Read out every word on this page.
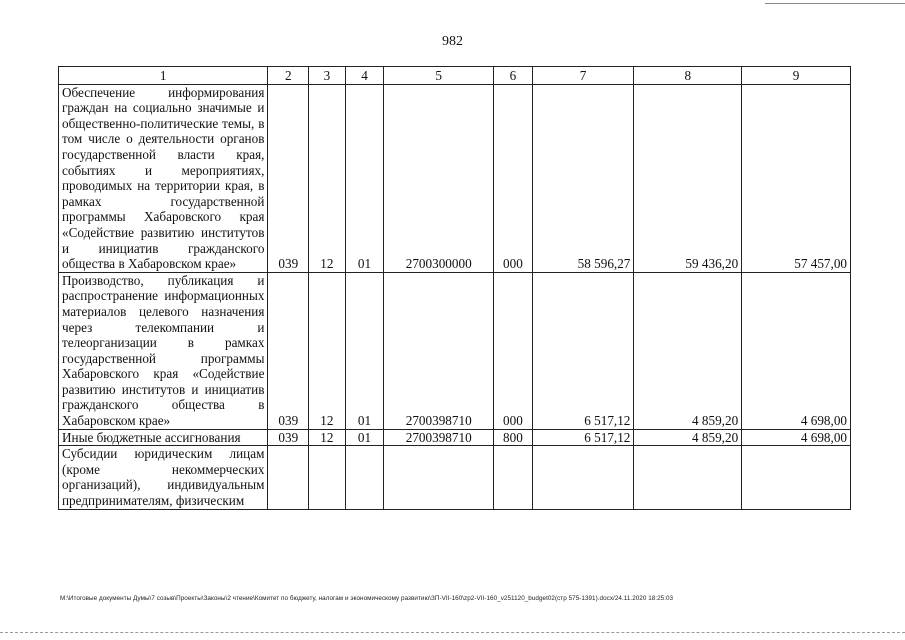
982
1	2	3	4	5	6	7	8	9
Обеспечение информирования граждан на социально значимые и общественно-политические темы, в том числе о деятельности органов государственной власти края, событиях и мероприятиях, проводимых на территории края, в рамках государственной программы Хабаровского края «Содействие развитию институтов и инициатив гражданского общества в Хабаровском крае»	039	12	01	2700300000	000	58 596,27	59 436,20	57 457,00
Производство, публикация и распространение информационных материалов целевого назначения через телекомпании и телеорганизации в рамках государственной программы Хабаровского края «Содействие развитию институтов и инициатив гражданского общества в Хабаровском крае»	039	12	01	2700398710	000	6 517,12	4 859,20	4 698,00
Иные бюджетные ассигнования	039	12	01	2700398710	800	6 517,12	4 859,20	4 698,00
Субсидии юридическим лицам (кроме некоммерческих организаций), индивидуальным предпринимателям, физическим								
M:\Итоговые документы Думы\7 созыв\Проекты\Законы\2 чтение\Комитет по бюджету, налогам и экономическому развитию\ЗП-VII-160\zp2-VII-160_v251120_budget02(стр 575-1391).docx/24.11.2020 18:25:03
